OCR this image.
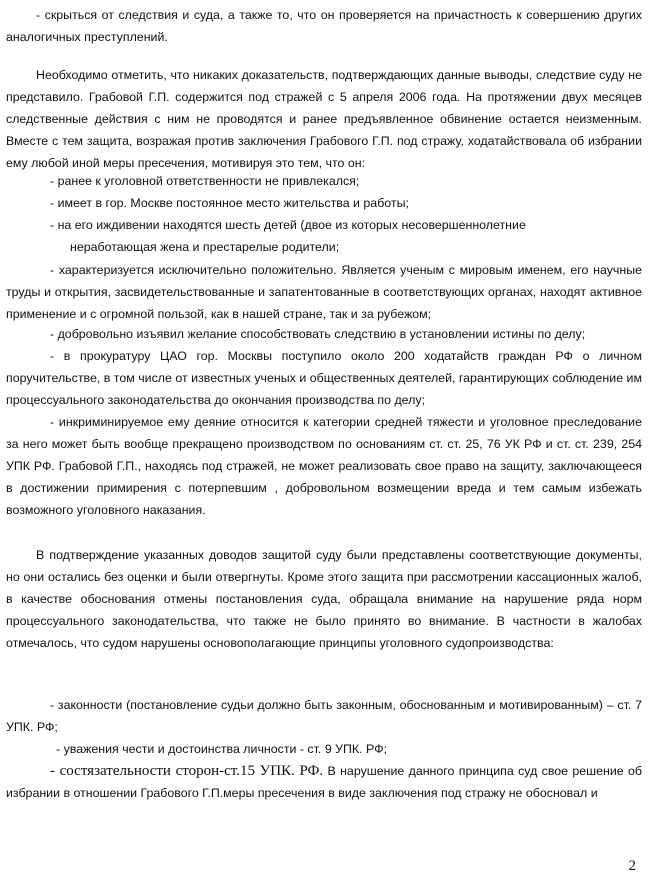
- скрыться от следствия и суда, а также то, что он проверяется на причастность к совершению других аналогичных преступлений.

Необходимо отметить, что никаких доказательств, подтверждающих данные выводы, следствие суду не представило. Грабовой Г.П. содержится под стражей с 5 апреля 2006 года. На протяжении двух месяцев следственные действия с ним не проводятся и ранее предъявленное обвинение остается неизменным. Вместе с тем защита, возражая против заключения Грабового Г.П. под стражу, ходатайствовала об избрании ему любой иной меры пресечения, мотивируя это тем, что он:

- ранее к уголовной ответственности не привлекался;

- имеет в гор. Москве постоянное место жительства и работы;

- на его иждивении находятся шесть детей (двое из которых несовершеннолетние

неработающая жена и престарелые родители;

- характеризуется исключительно положительно. Является ученым с мировым именем, его научные труды и открытия, засвидетельствованные и запатентованные в соответствующих органах, находят активное применение и с огромной пользой, как в нашей стране, так и за рубежом;

- добровольно изъявил желание способствовать следствию в установлении истины по делу;

- в прокуратуру ЦАО гор. Москвы поступило около 200 ходатайств граждан РФ о личном поручительстве, в том числе от известных ученых и общественных деятелей, гарантирующих соблюдение им процессуального законодательства до окончания производства по делу;

- инкриминируемое ему деяние относится к категории средней тяжести и уголовное преследование за него может быть вообще прекращено производством по основаниям ст. ст. 25, 76 УК РФ и ст. ст. 239, 254 УПК РФ. Грабовой Г.П., находясь под стражей, не может реализовать свое право на защиту, заключающееся в достижении примирения с потерпевшим , добровольном возмещении вреда и тем самым избежать возможного уголовного наказания.

В подтверждение указанных доводов защитой суду были представлены соответствующие документы, но они остались без оценки и были отвергнуты. Кроме этого защита при рассмотрении кассационных жалоб, в качестве обоснования отмены постановления суда, обращала внимание на нарушение ряда норм процессуального законодательства, что также не было принято во внимание. В частности в жалобах отмечалось, что судом нарушены основополагающие принципы уголовного судопроизводства:

- законности (постановление судьи должно быть законным, обоснованным и мотивированным) – ст. 7 УПК. РФ;

- уважения чести и достоинства личности - ст. 9 УПК. РФ;

- состязательности сторон-ст.15 УПК. РФ. В нарушение данного принципа суд свое решение об избрании в отношении Грабового Г.П.меры пресечения в виде заключения под стражу не обосновал и

2
